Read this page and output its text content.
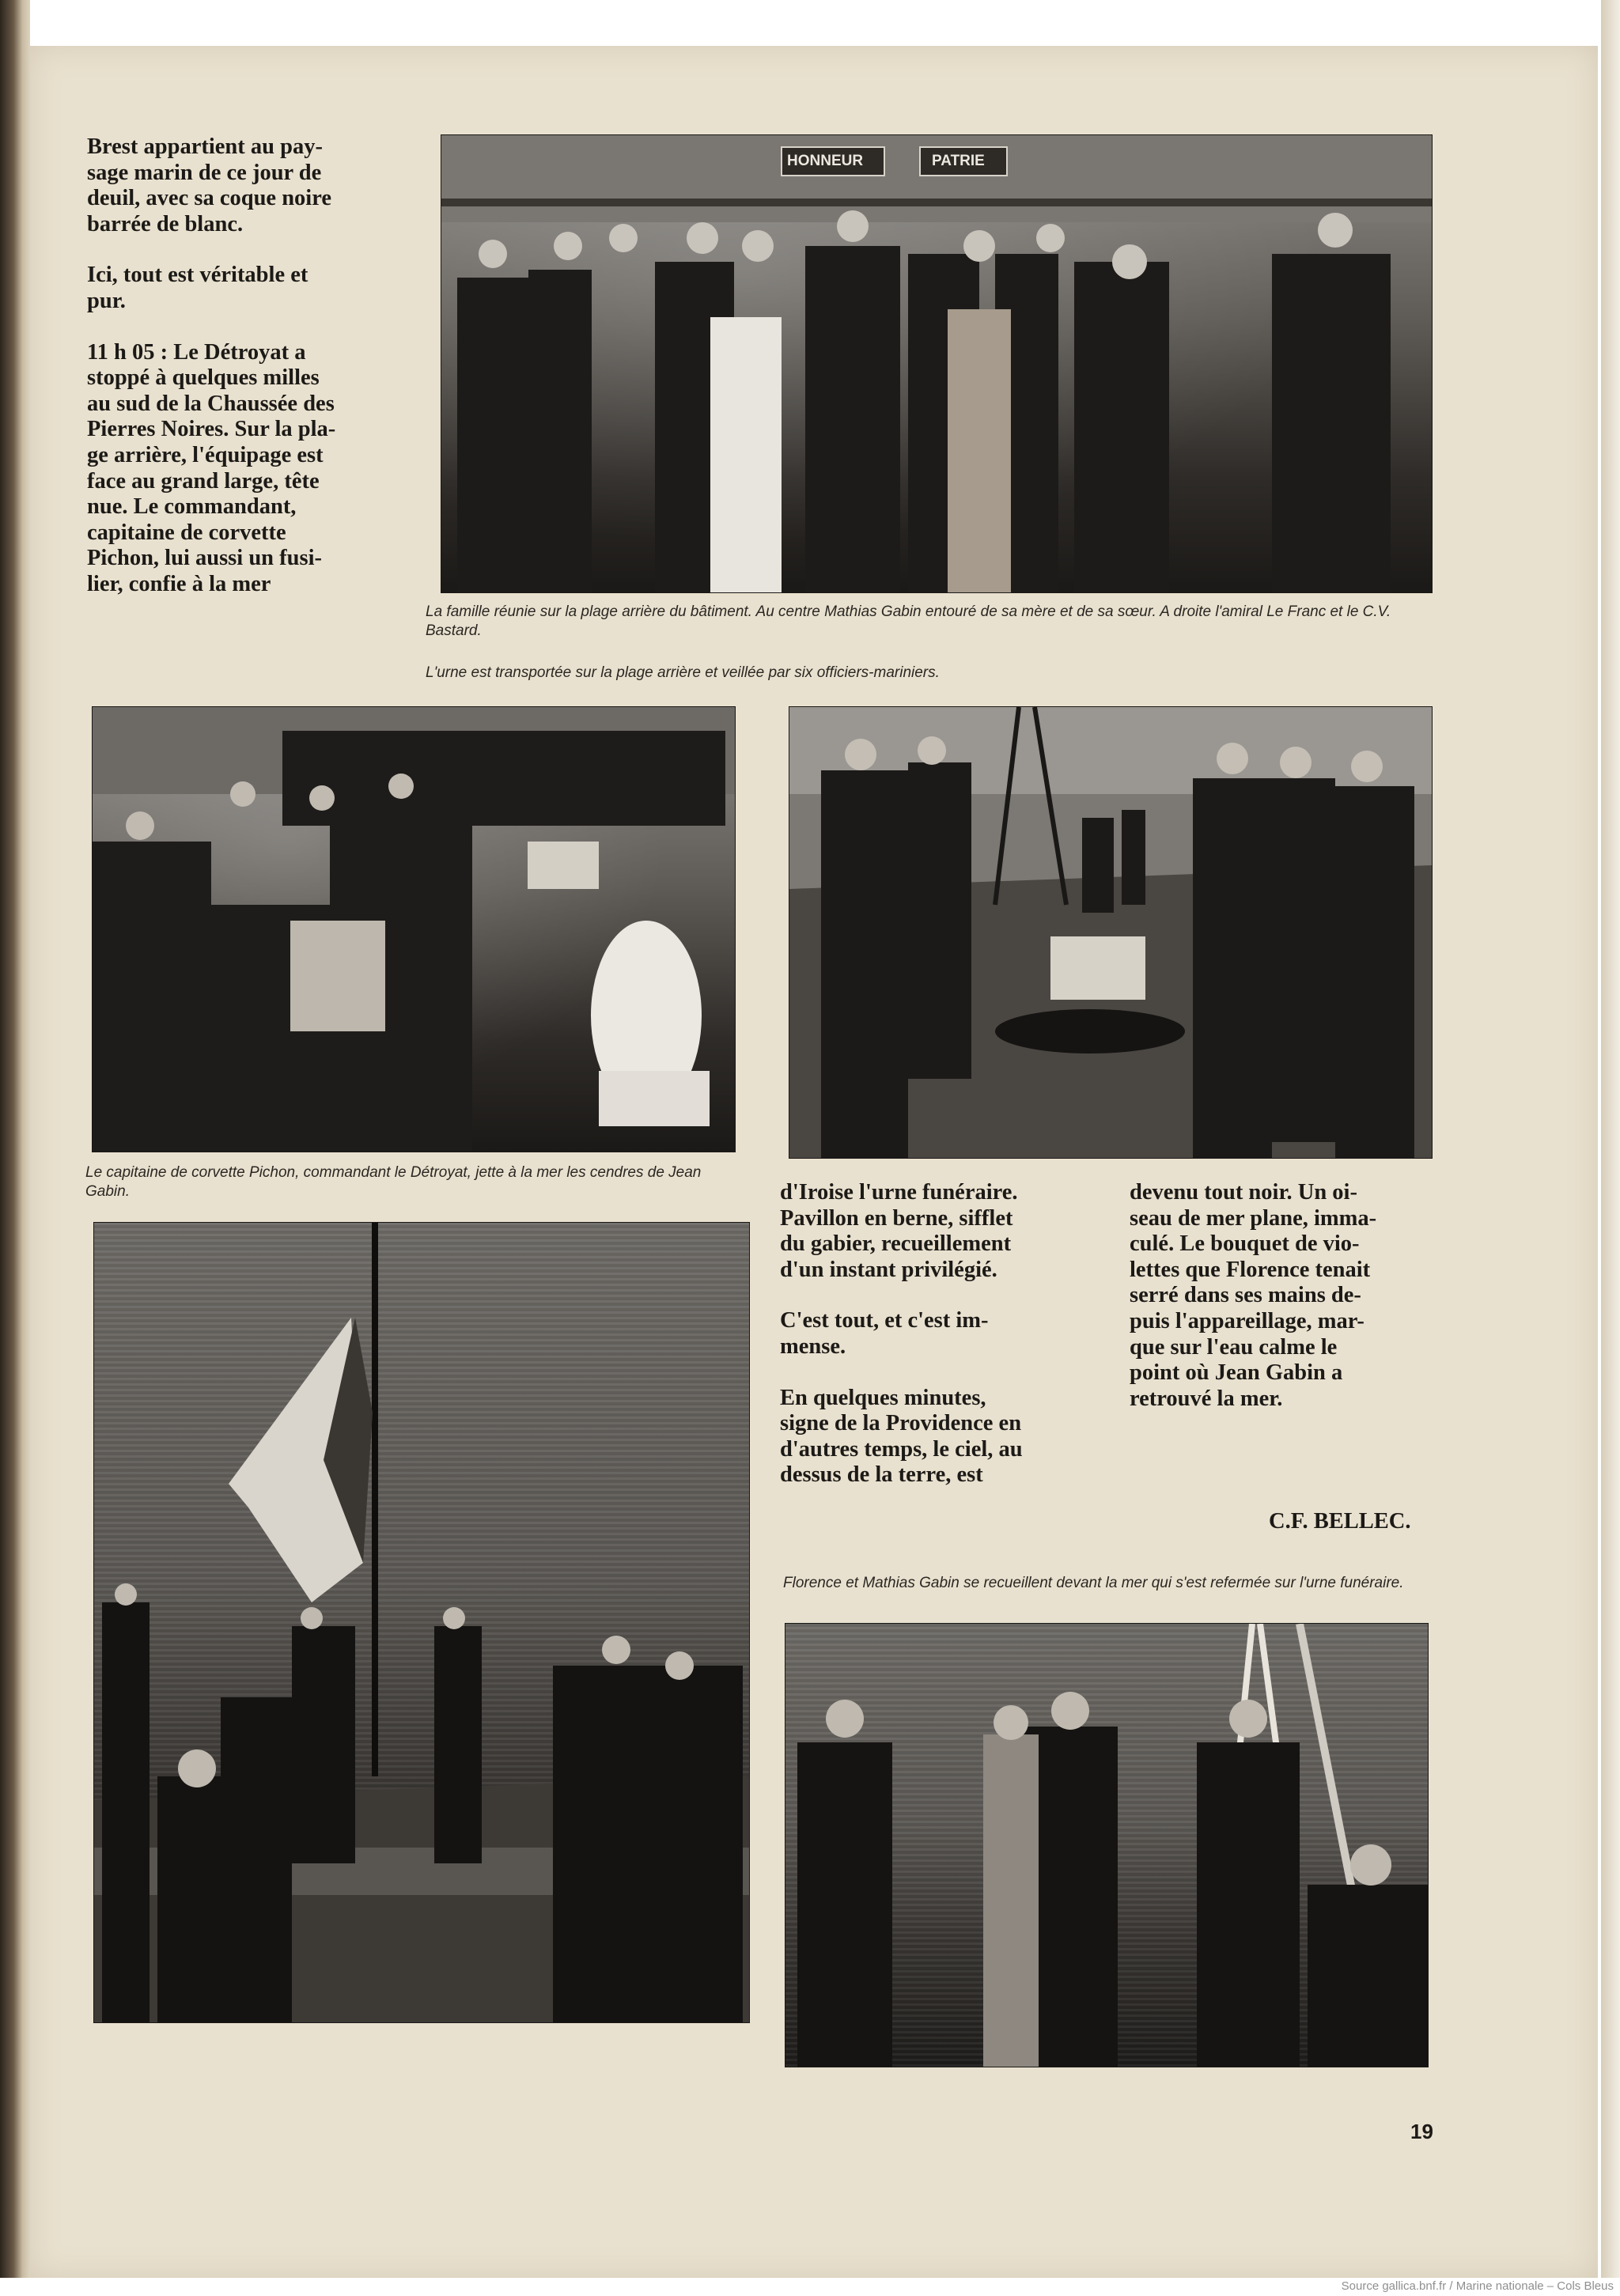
Brest appartient au pay-
sage marin de ce jour de
deuil, avec sa coque noire
barrée de blanc.

Ici, tout est véritable et
pur.

11 h 05 : Le Détroyat a
stoppé à quelques milles
au sud de la Chaussée des
Pierres Noires. Sur la pla-
ge arrière, l'équipage est
face au grand large, tête
nue. Le commandant,
capitaine de corvette
Pichon, lui aussi un fusi-
lier, confie à la mer

HONNEUR	PATRIE

La famille réunie sur la plage arrière du bâtiment. Au centre Mathias Gabin entouré de sa mère et de sa sœur. A droite l'amiral Le Franc et le C.V. Bastard.

L'urne est transportée sur la plage arrière et veillée par six officiers-mariniers.

Le capitaine de corvette Pichon, commandant le Détroyat, jette à la mer les cendres de Jean Gabin.	d'Iroise l'urne funéraire.
Pavillon en berne, sifflet
du gabier, recueillement
d'un instant privilégié.

C'est tout, et c'est im-
mense.

En quelques minutes,
signe de la Providence en
d'autres temps, le ciel, au
dessus de la terre, est

devenu tout noir. Un oi-
seau de mer plane, imma-
culé. Le bouquet de vio-
lettes que Florence tenait
serré dans ses mains de-
puis l'appareillage, mar-
que sur l'eau calme le
point où Jean Gabin a
retrouvé la mer.

C.F. BELLEC.

Florence et Mathias Gabin se recueillent devant la mer qui s'est refermée sur l'urne funéraire.

19

Source gallica.bnf.fr / Marine nationale – Cols Bleus
